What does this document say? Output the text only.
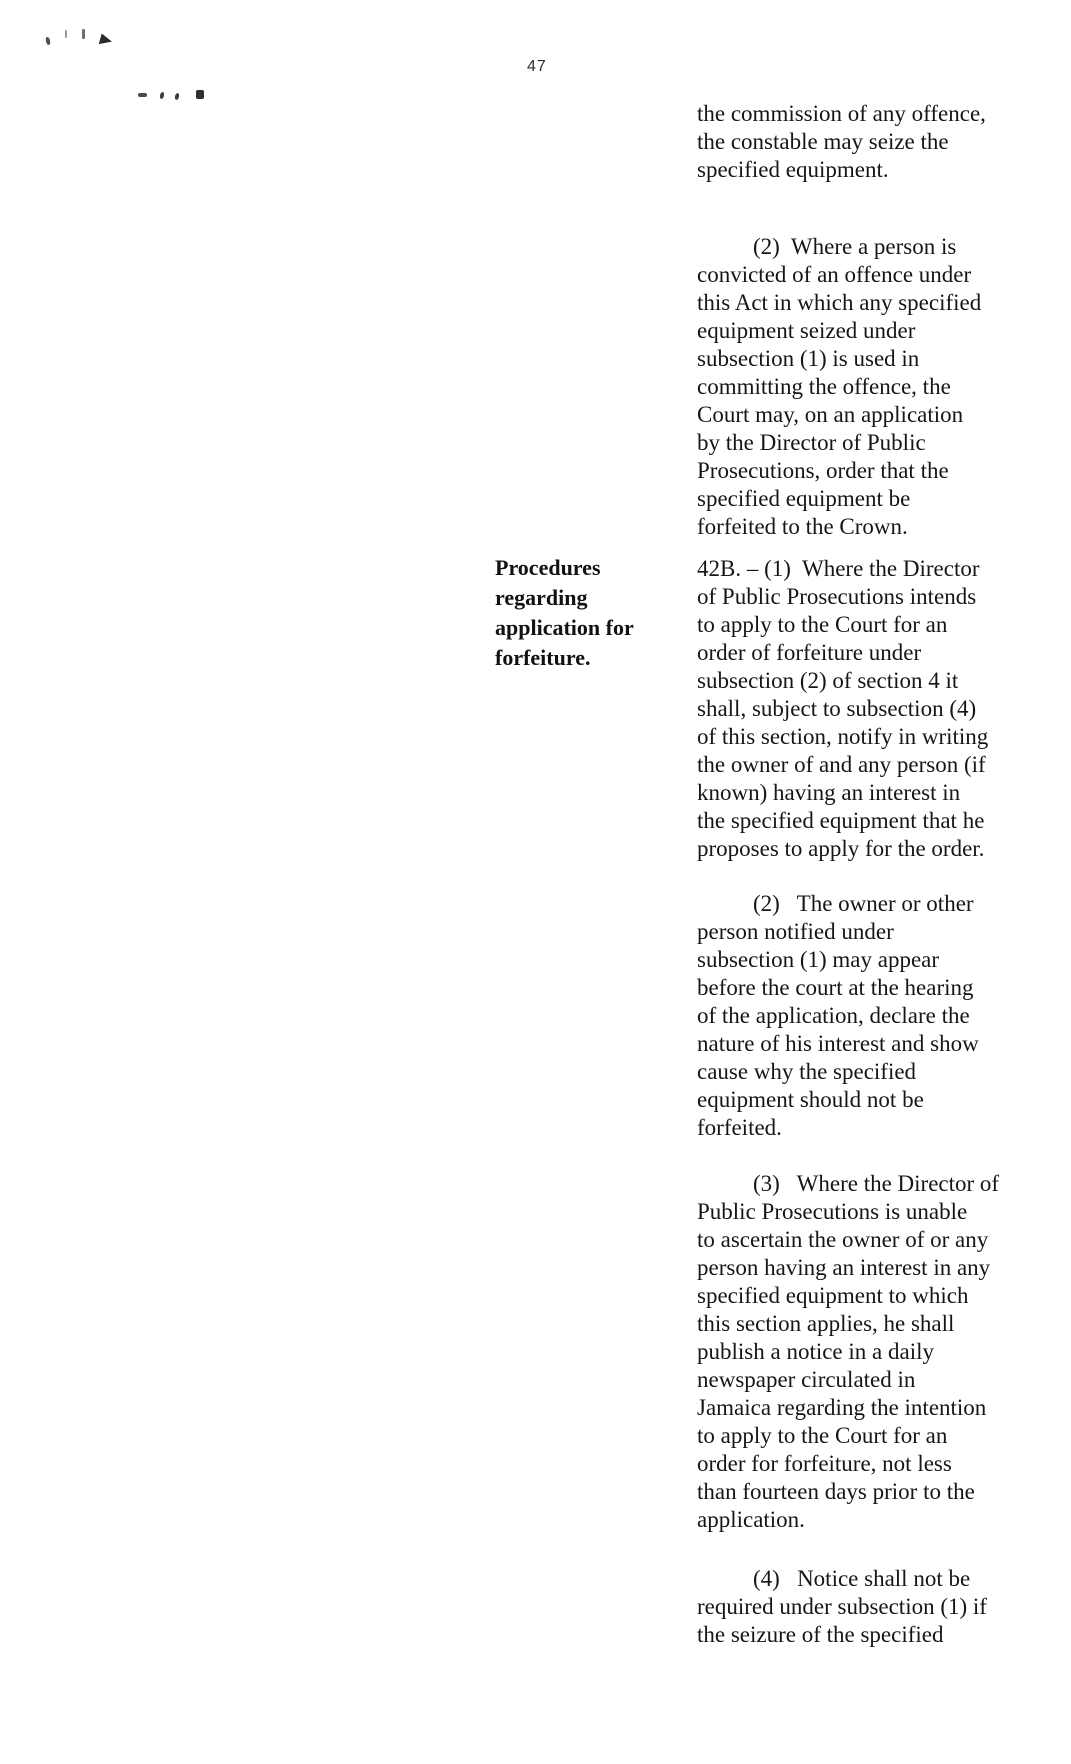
47
Procedures
regarding
application for
forfeiture.
the commission of any offence,
the constable may seize the
specified equipment.
(2)  Where a person is
convicted of an offence under
this Act in which any specified
equipment seized under
subsection (1) is used in
committing the offence, the
Court may, on an application
by the Director of Public
Prosecutions, order that the
specified equipment be
forfeited to the Crown.
42B. – (1)  Where the Director
of Public Prosecutions intends
to apply to the Court for an
order of forfeiture under
subsection (2) of section 4 it
shall, subject to subsection (4)
of this section, notify in writing
the owner of and any person (if
known) having an interest in
the specified equipment that he
proposes to apply for the order.
(2)   The owner or other
person notified under
subsection (1) may appear
before the court at the hearing
of the application, declare the
nature of his interest and show
cause why the specified
equipment should not be
forfeited.
(3)   Where the Director of
Public Prosecutions is unable
to ascertain the owner of or any
person having an interest in any
specified equipment to which
this section applies, he shall
publish a notice in a daily
newspaper circulated in
Jamaica regarding the intention
to apply to the Court for an
order for forfeiture, not less
than fourteen days prior to the
application.
(4)   Notice shall not be
required under subsection (1) if
the seizure of the specified
